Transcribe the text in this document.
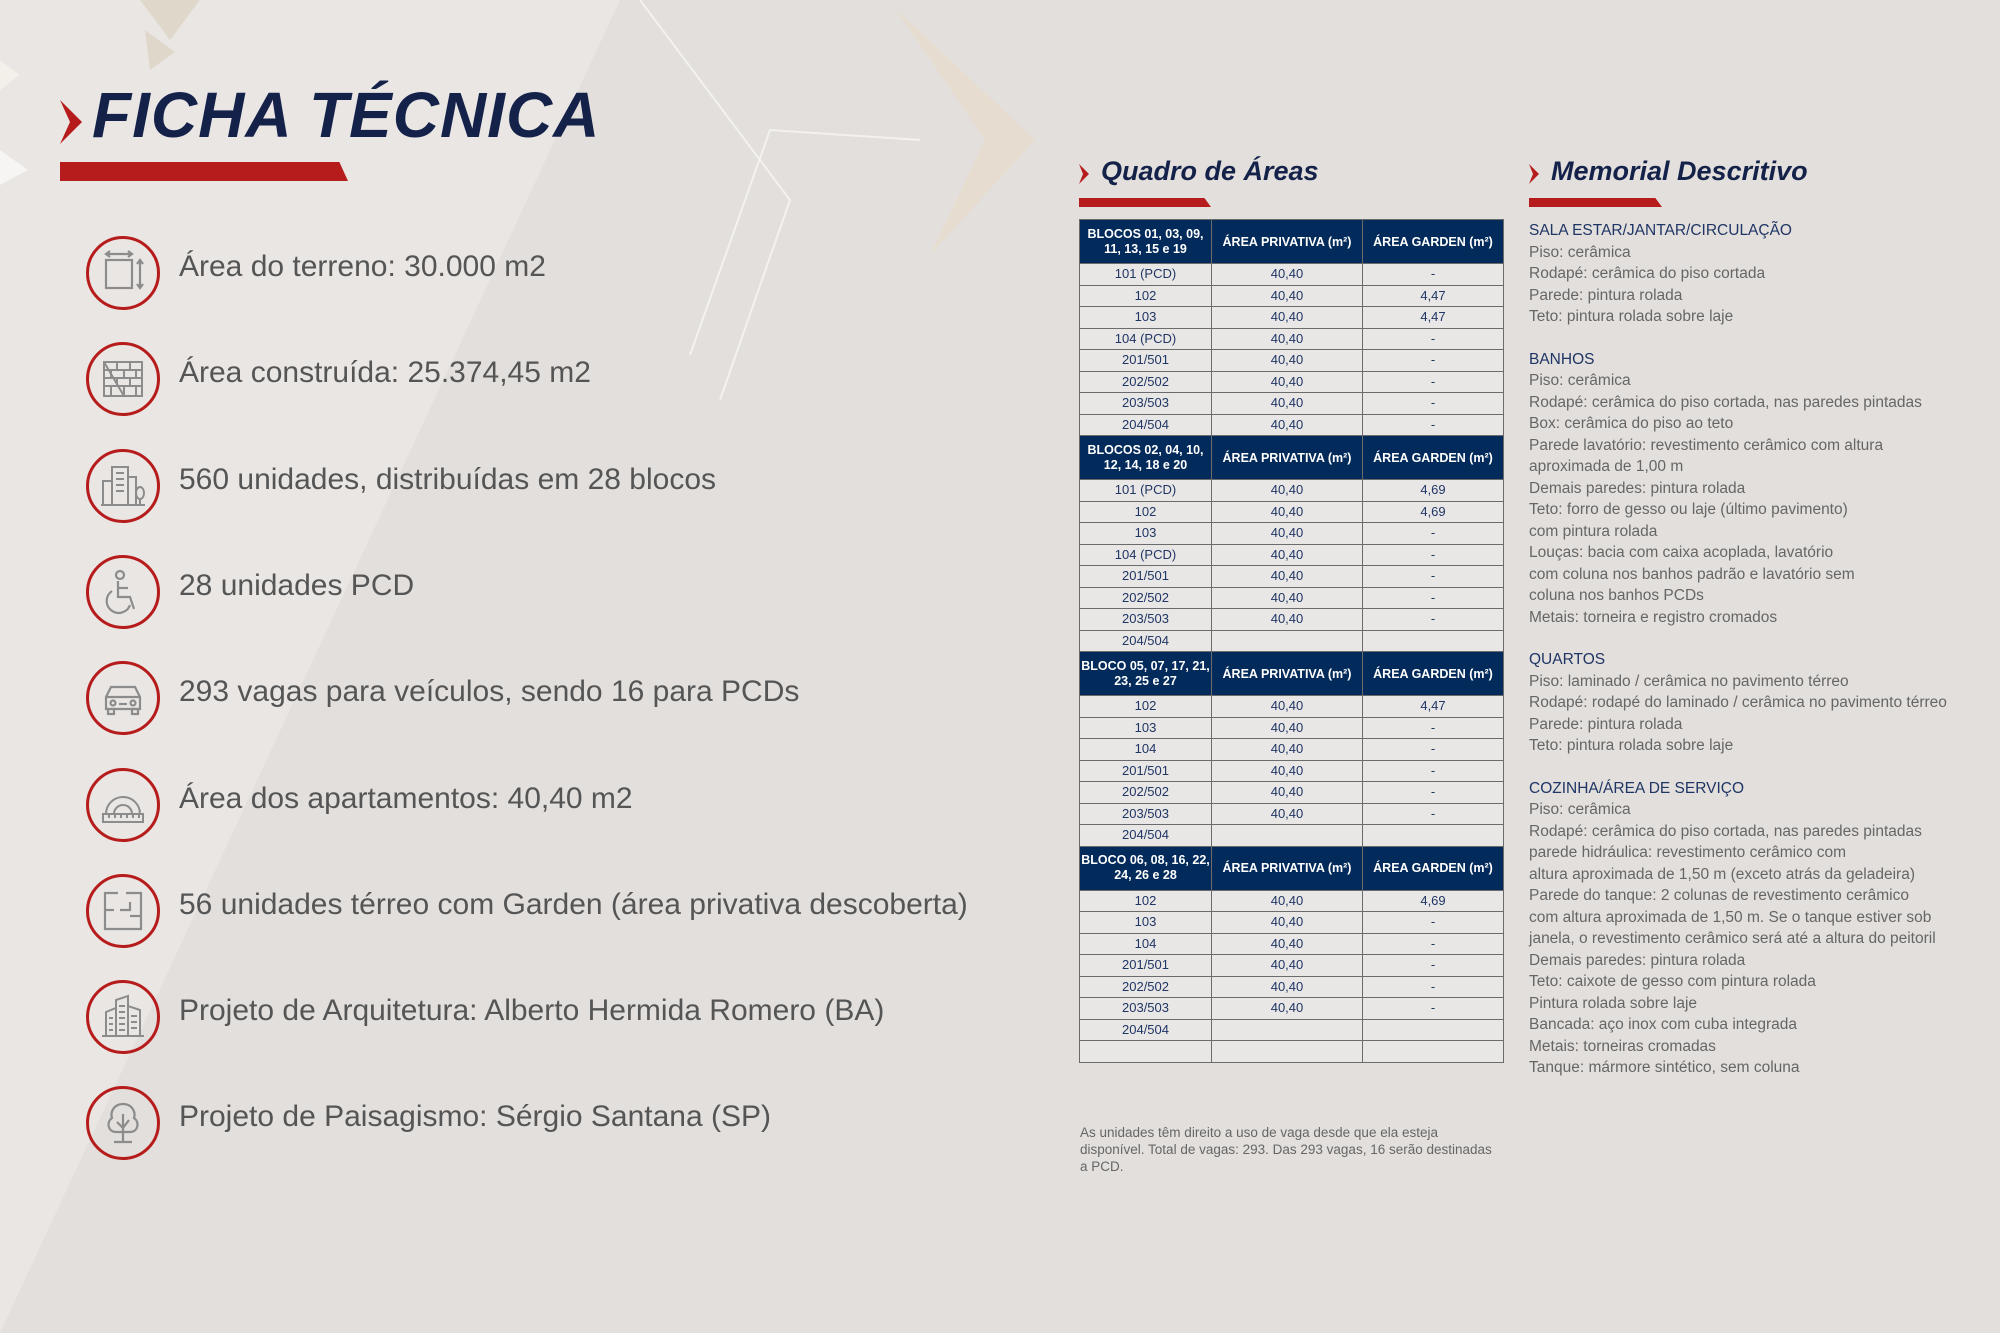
FICHA TÉCNICA
Área do terreno: 30.000 m2
Área construída: 25.374,45 m2
560 unidades, distribuídas em 28 blocos
28 unidades PCD
293 vagas para veículos, sendo 16 para PCDs
Área dos apartamentos: 40,40 m2
56 unidades térreo com Garden (área privativa descoberta)
Projeto de Arquitetura: Alberto Hermida Romero (BA)
Projeto de Paisagismo: Sérgio Santana (SP)
Quadro de Áreas
BLOCOS 01, 03, 09, 11, 13, 15 e 19	ÁREA PRIVATIVA (m²)	ÁREA GARDEN (m²)
101 (PCD)	40,40	-
102	40,40	4,47
103	40,40	4,47
104 (PCD)	40,40	-
201/501	40,40	-
202/502	40,40	-
203/503	40,40	-
204/504	40,40	-
BLOCOS 02, 04, 10, 12, 14, 18 e 20	ÁREA PRIVATIVA (m²)	ÁREA GARDEN (m²)
101 (PCD)	40,40	4,69
102	40,40	4,69
103	40,40	-
104 (PCD)	40,40	-
201/501	40,40	-
202/502	40,40	-
203/503	40,40	-
204/504		
BLOCO 05, 07, 17, 21, 23, 25 e 27	ÁREA PRIVATIVA (m²)	ÁREA GARDEN (m²)
102	40,40	4,47
103	40,40	-
104	40,40	-
201/501	40,40	-
202/502	40,40	-
203/503	40,40	-
204/504		
BLOCO 06, 08, 16, 22, 24, 26 e 28	ÁREA PRIVATIVA (m²)	ÁREA GARDEN (m²)
102	40,40	4,69
103	40,40	-
104	40,40	-
201/501	40,40	-
202/502	40,40	-
203/503	40,40	-
204/504		

As unidades têm direito a uso de vaga desde que ela esteja disponível. Total de vagas: 293. Das 293 vagas, 16 serão destinadas a PCD.
Memorial Descritivo
SALA ESTAR/JANTAR/CIRCULAÇÃO
Piso: cerâmica
Rodapé: cerâmica do piso cortada
Parede: pintura rolada
Teto: pintura rolada sobre laje
BANHOS
Piso: cerâmica
Rodapé: cerâmica do piso cortada, nas paredes pintadas
Box: cerâmica do piso ao teto
Parede lavatório: revestimento cerâmico com altura
aproximada de 1,00 m
Demais paredes: pintura rolada
Teto: forro de gesso ou laje (último pavimento)
com pintura rolada
Louças: bacia com caixa acoplada, lavatório
com coluna nos banhos padrão e lavatório sem
coluna nos banhos PCDs
Metais: torneira e registro cromados
QUARTOS
Piso: laminado / cerâmica no pavimento térreo
Rodapé: rodapé do laminado / cerâmica no pavimento térreo
Parede: pintura rolada
Teto: pintura rolada sobre laje
COZINHA/ÁREA DE SERVIÇO
Piso: cerâmica
Rodapé: cerâmica do piso cortada, nas paredes pintadas
parede hidráulica: revestimento cerâmico com
altura aproximada de 1,50 m (exceto atrás da geladeira)
Parede do tanque: 2 colunas de revestimento cerâmico
com altura aproximada de 1,50 m. Se o tanque estiver sob
janela, o revestimento cerâmico será até a altura do peitoril
Demais paredes: pintura rolada
Teto: caixote de gesso com pintura rolada
Pintura rolada sobre laje
Bancada: aço inox com cuba integrada
Metais: torneiras cromadas
Tanque: mármore sintético, sem coluna
